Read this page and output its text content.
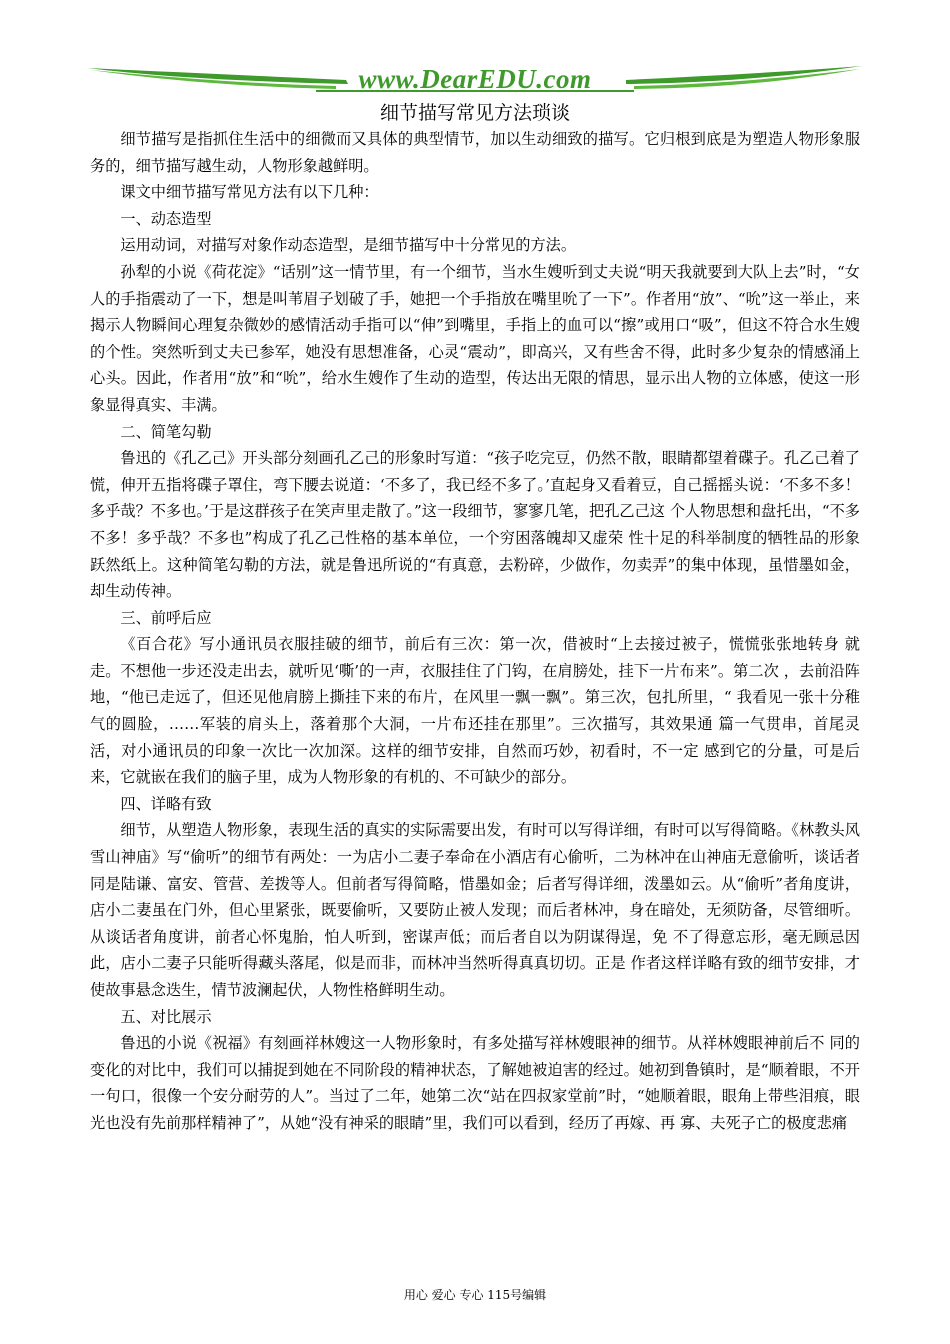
www.DearEDU.com
细节描写常见方法琐谈

细节描写是指抓住生活中的细微而又具体的典型情节，加以生动细致的描写。它归根到底是为塑造人物形象服务的，细节描写越生动，人物形象越鲜明。

课文中细节描写常见方法有以下几种：

一、动态造型

运用动词，对描写对象作动态造型，是细节描写中十分常见的方法。

孙犁的小说《荷花淀》“话别”这一情节里，有一个细节，当水生嫂听到丈夫说“明天我就要到大队上去”时，“女人的手指震动了一下，想是叫苇眉子划破了手，她把一个手指放在嘴里吮了一下”。作者用“放”、“吮”这一举止，来揭示人物瞬间心理复杂微妙的感情活动手指可以“伸”到嘴里，手指上的血可以“擦”或用口“吸”，但这不符合水生嫂的个性。突然听到丈夫已参军，她没有思想准备，心灵“震动”，即高兴，又有些舍不得，此时多少复杂的情感涌上心头。因此，作者用“放”和“吮”，给水生嫂作了生动的造型，传达出无限的情思，显示出人物的立体感，使这一形象显得真实、丰满。

二、简笔勾勒

鲁迅的《孔乙己》开头部分刻画孔乙己的形象时写道：“孩子吃完豆，仍然不散，眼睛都望着碟子。孔乙己着了慌，伸开五指将碟子罩住，弯下腰去说道：‘不多了，我已经不多了。’直起身又看着豆，自己摇摇头说：‘不多不多！多乎哉？不多也。’于是这群孩子在笑声里走散了。”这一段细节，寥寥几笔，把孔乙己这 个人物思想和盘托出，“不多不多！多乎哉？不多也”构成了孔乙己性格的基本单位，一个穷困落魄却又虚荣 性十足的科举制度的牺牲品的形象跃然纸上。这种简笔勾勒的方法，就是鲁迅所说的“有真意，去粉碎，少做作，勿卖弄”的集中体现，虽惜墨如金，却生动传神。

三、前呼后应

《百合花》写小通讯员衣服挂破的细节，前后有三次：第一次，借被时“上去接过被子，慌慌张张地转身 就走。不想他一步还没走出去，就听见‘嘶’的一声，衣服挂住了门钩，在肩膀处，挂下一片布来”。第二次 ，去前沿阵地，“他已走远了，但还见他肩膀上撕挂下来的布片，在风里一飘一飘”。第三次，包扎所里，“ 我看见一张十分稚气的圆脸，……军装的肩头上，落着那个大洞，一片布还挂在那里”。三次描写，其效果通 篇一气贯串，首尾灵活，对小通讯员的印象一次比一次加深。这样的细节安排，自然而巧妙，初看时，不一定 感到它的分量，可是后来，它就嵌在我们的脑子里，成为人物形象的有机的、不可缺少的部分。

四、详略有致

细节，从塑造人物形象，表现生活的真实的实际需要出发，有时可以写得详细，有时可以写得简略。《林教头风雪山神庙》写“偷听”的细节有两处：一为店小二妻子奉命在小酒店有心偷听，二为林冲在山神庙无意偷听，谈话者同是陆谦、富安、管营、差拨等人。但前者写得简略，惜墨如金；后者写得详细，泼墨如云。从“偷听”者角度讲，店小二妻虽在门外，但心里紧张，既要偷听，又要防止被人发现；而后者林冲，身在暗处，无须防备，尽管细听。从谈话者角度讲，前者心怀鬼胎，怕人听到，密谋声低；而后者自以为阴谋得逞，免 不了得意忘形，毫无顾忌因此，店小二妻子只能听得藏头落尾，似是而非，而林冲当然听得真真切切。正是 作者这样详略有致的细节安排，才使故事悬念迭生，情节波澜起伏，人物性格鲜明生动。

五、对比展示

鲁迅的小说《祝福》有刻画祥林嫂这一人物形象时，有多处描写祥林嫂眼神的细节。从祥林嫂眼神前后不 同的变化的对比中，我们可以捕捉到她在不同阶段的精神状态，了解她被迫害的经过。她初到鲁镇时，是“顺着眼，不开一句口，很像一个安分耐劳的人”。当过了二年，她第二次“站在四叔家堂前”时，“她顺着眼，眼角上带些泪痕，眼光也没有先前那样精神了”，从她“没有神采的眼睛”里，我们可以看到，经历了再嫁、再 寡、夫死子亡的极度悲痛

用心 爱心 专心 115号编辑
